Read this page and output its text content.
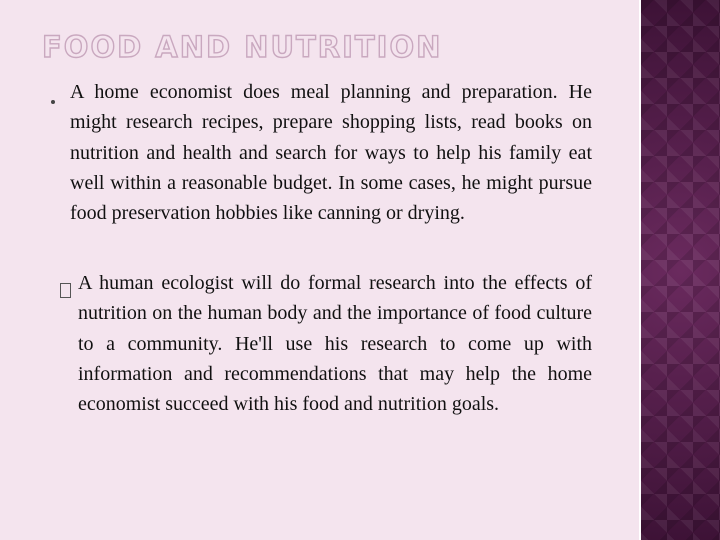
FOOD AND NUTRITION

A home economist does meal planning and preparation. He might research recipes, prepare shopping lists, read books on nutrition and health and search for ways to help his family eat well within a reasonable budget. In some cases, he might pursue food preservation hobbies like canning or drying.

A human ecologist will do formal research into the effects of nutrition on the human body and the importance of food culture to a community. He'll use his research to come up with information and recommendations that may help the home economist succeed with his food and nutrition goals.
